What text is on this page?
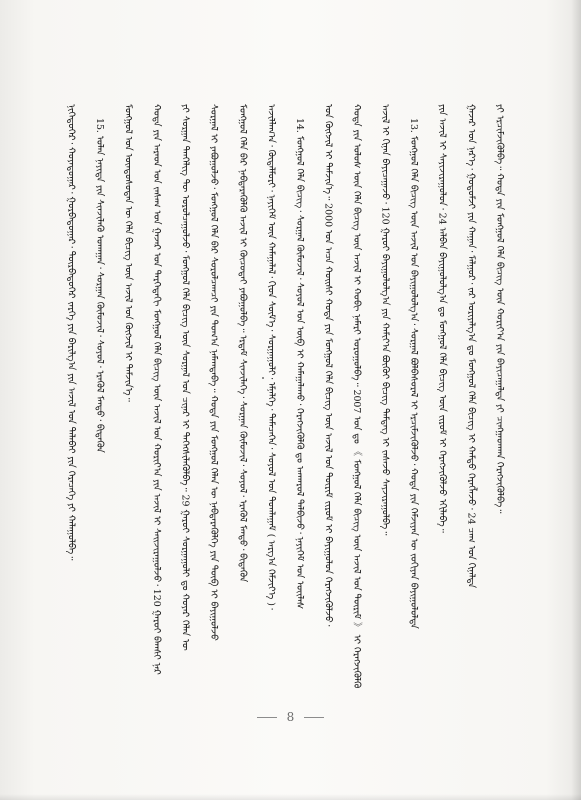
ᠨᠢᠭᠡᠳᠦᠭᠡᠷ᠂ ᠬᠣᠶᠠᠳᠤᠭᠠᠷ᠂ ᠭᠤᠷᠪᠠᠳᠤᠭᠠᠷ᠂ ᠳᠥᠷᠪᠡᠳᠦᠭᠡᠷ ᠵᠡᠷᠭᠡ ᠶᠢᠨ ᠪᠠᠷᠢᠯᠭ᠎ᠠ ᠶᠢᠨ ᠠᠵᠢᠯ ᠤᠨ ᠲᠠᠯᠠᠪᠠᠢ ᠶᠢᠨ ᠭᠡᠷᠡᠴᠡᠭᠡ ᠶᠢ ᠬᠠᠯᠠᠭᠤᠯᠪᠠ᠃ 15. ᠤᠯᠠᠨ ᠨᠡᠶᠢᠲᠡ ᠶᠢᠨ ᠰᠢᠨᠵᠢᠯᠡᠬᠦ ᠤᠬᠠᠭᠠᠨ᠂ ᠰᠤᠷᠭᠠᠨ ᠬᠥᠮᠦᠵᠢᠯ᠂ ᠰᠣᠶᠤᠯ᠂ ᠡᠷᠡᠭᠦᠯ ᠮᠡᠨᠳᠦ᠂ ᠪᠢᠳᠡᠭᠦᠨ ᠮᠣᠩᠭᠣᠯ ᠤᠨ ᠦᠨᠳᠦᠰᠦᠲᠡᠨ ᠦ ᠬᠡᠯᠡ ᠪᠢᠴᠢᠭ ᠦᠨ ᠠᠵᠢᠯ ᠤᠨ ᠬᠥᠭᠵᠢᠯ ᠢ ᠳᠡᠮᠵᠢᠨ᠎ᠡ᠃ ᠬᠣᠲᠠ ᠶᠢᠨ ᠠᠷᠠᠳ ᠤᠨ ᠵᠠᠰᠠᠭ ᠤᠨ ᠭᠠᠵᠠᠷ ᠤᠨ ᠳᠡᠷᠭᠡᠳᠡᠬᠢ ᠮᠣᠩᠭᠣᠯ ᠬᠡᠯᠡ ᠪᠢᠴᠢᠭ ᠦᠨ ᠠᠵᠢᠯ ᠤᠨ ᠬᠣᠷᠢᠶ᠎ᠠ ᠶᠢᠨ ᠠᠵᠢᠯ ᠢ ᠰᠠᠢᠵᠢᠷᠠᠭᠤᠯᠵᠤ᠂ 120 ᠭᠠᠷᠤᠢ ᠪᠠᠭᠰᠢ ᠨᠠᠷ ᠶᠢ ᠰᠤᠷᠭᠠᠨ ᠲᠡᠨᠭᠡᠯᠢᠭ ᠲᠦ ᠣᠷᠣᠯᠴᠠᠭᠤᠯᠵᠤ᠂ ᠮᠣᠩᠭᠣᠯ ᠬᠡᠯᠡ ᠪᠢᠴᠢᠭ ᠦᠨ ᠰᠤᠷᠭᠠᠯ ᠤᠨ ᠴᠢᠨᠠᠷ ᠢ ᠳᠡᠭᠡᠭᠰᠢᠯᠡᠭᠦᠯᠪᠡ᠃ 29 ᠭᠠᠷᠤᠢ ᠰᠤᠷᠭᠠᠭᠤᠯᠢ ᠳᠤ ᠬᠣᠶᠠᠷ ᠬᠡᠯᠡᠨ ᠦ ᠰᠤᠷᠭᠠᠯ ᠢ ᠶᠠᠪᠤᠭᠤᠯᠵᠤ᠂ ᠮᠣᠩᠭᠣᠯ ᠬᠡᠯᠡ ᠪᠡᠷ ᠰᠤᠷᠤᠯᠴᠠᠭᠴᠢ ᠶᠢᠨ ᠲᠣᠭ᠎ᠠ ᠨᠡᠮᠡᠭ᠍ᠳᠡᠪᠡ᠃ ᠬᠣᠲᠠ ᠶᠢᠨ ᠮᠣᠩᠭᠣᠯ ᠬᠡᠯᠡᠨ ᠦ ᠨᠡᠪᠲᠡᠷᠡᠭᠦᠯᠭᠡ ᠶᠢᠨ ᠲᠥᠪ ᠢ ᠪᠠᠶᠢᠭᠤᠯᠵᠤ ᠮᠣᠩᠭᠣᠯ ᠬᠡᠯᠡ ᠪᠡᠷ ᠨᠡᠪᠲᠡᠷᠡᠭᠦᠯᠬᠦ ᠠᠵᠢᠯ ᠢ ᠬᠦᠴᠦᠲᠡᠶ ᠶᠠᠪᠤᠭᠤᠯᠪᠠ᠃ ᠡᠷᠳᠡᠮ ᠰᠢᠨᠵᠢᠯᠡᠭᠡ᠂ ᠰᠤᠷᠭᠠᠨ ᠬᠥᠮᠦᠵᠢᠯ᠂ ᠰᠣᠶᠤᠯ᠂ ᠡᠷᠡᠭᠦᠯ ᠮᠡᠨᠳᠦ᠂ ᠪᠢᠳᠡᠭᠦᠨ ᠠᠵᠢᠯᠯᠠᠭ᠎ᠠ᠂ ᠬᠥᠳᠡᠯᠮᠦᠷᠢ᠂ ᠨᠡᠶᠢᠭᠡᠮ ᠦᠨ ᠬᠠᠮᠠᠭᠠᠯᠠᠯ᠂ ᠬᠢᠳ ᠰᠦᠮ᠎ᠡ᠂ ᠰᠤᠷᠭᠠᠭᠤᠯᠢ᠂ ᠡᠮᠨᠡᠯᠭᠡ᠂ ᠲᠡᠮᠡᠴᠡᠭᠡᠨ᠂ ᠰᠣᠶᠤᠯ ᠤᠨ ᠲᠣᠭᠯᠠᠭᠠᠮ ( ᠠᠷᠭ᠎ᠠ ᠬᠡᠮᠵᠢᠶ᠎ᠡ )᠂ 14. ᠮᠣᠩᠭᠣᠯ ᠬᠡᠯᠡ ᠪᠢᠴᠢᠭ᠂ ᠰᠤᠷᠭᠠᠯ ᠬᠥᠮᠦᠵᠢᠯ᠂ ᠰᠣᠶᠤᠯ ᠤᠨ ᠥᠪ ᠢ ᠬᠠᠮᠠᠭᠠᠯᠠᠬᠤ᠂ ᠬᠡᠷᠡᠭᠵᠢᠭᠦᠯᠬᠦ ᠳᠤ ᠠᠨᠬᠠᠷᠤᠯ ᠲᠠᠯᠪᠢᠵᠤ᠂ ᠨᠡᠶᠢᠭᠡᠮ ᠤᠨ ᠦᠢᠯᠡᠰ ᠤᠨ ᠬᠥᠭᠵᠢᠯ ᠢ ᠳᠡᠮᠵᠢᠨ᠎ᠡ᠃ 2000 ᠣᠨ ᠠᠴᠠ ᠬᠣᠢᠰᠢ ᠬᠣᠲᠠ ᠶᠢᠨ ᠮᠣᠩᠭᠣᠯ ᠬᠡᠯᠡ ᠪᠢᠴᠢᠭ ᠦᠨ ᠠᠵᠢᠯ ᠤᠨ ᠳᠦᠷᠢᠮ ᠵᠢᠷᠤᠮ ᠢ ᠪᠠᠶᠢᠭᠤᠯᠤᠨ ᠬᠡᠷᠡᠭᠵᠢᠭᠦᠯᠵᠦ᠂ ᠬᠣᠲᠠ ᠶᠢᠨ ᠤᠯᠤᠰ ᠦᠨ ᠬᠡᠯᠡ ᠪᠢᠴᠢᠭ ᠦᠨ ᠠᠵᠢᠯ ᠢ ᠬᠤᠪᠢ ᠨᠡᠮᠡᠷᠢ ᠣᠷᠣᠭᠤᠯᠪᠠ᠃ 2007 ᠣᠨ ᠳᠤ 《 ᠮᠣᠩᠭᠣᠯ ᠬᠡᠯᠡ ᠪᠢᠴᠢᠭ ᠦᠨ ᠠᠵᠢᠯ ᠤᠨ ᠳᠦᠷᠢᠮ 》 ᠢ ᠬᠡᠷᠡᠭᠵᠢᠭᠦᠯᠬᠦ ᠠᠵᠢᠯ ᠢ ᠬᠢᠨᠠᠨ ᠪᠠᠶᠢᠴᠠᠭᠠᠵᠤ᠂ 120 ᠭᠠᠷᠤᠢ ᠪᠠᠶᠢᠭᠤᠯᠤᠯᠭ᠎ᠠ ᠶᠢᠨ ᠬᠠᠮᠢᠶ᠎ᠠ ᠪᠦᠬᠦᠢ ᠪᠢᠴᠢᠭ ᠲᠡᠮᠳᠡᠭ ᠢ ᠵᠠᠰᠠᠵᠤ ᠰᠠᠶᠵᠢᠷᠠᠭᠤᠯᠪᠠ᠃ 13. ᠮᠣᠩᠭᠣᠯ ᠬᠡᠯᠡ ᠪᠢᠴᠢᠭ ᠦᠨ ᠠᠵᠢᠯ ᠤᠨ ᠪᠠᠶᠢᠭᠤᠯᠤᠯᠭ᠎ᠠ᠂ ᠰᠤᠷᠭᠠᠯ ᠪᠣᠯᠪᠠᠰᠤᠷᠠᠯ ᠢ ᠡᠷᠴᠢᠮᠵᠢᠭᠦᠯᠵᠦ᠂ ᠬᠣᠲᠠ ᠶᠢᠨ ᠬᠡᠮᠵᠢᠶᠡᠨ ᠦ ᠵᠣᠬᠢᠶᠠᠨ ᠪᠠᠶᠢᠭᠤᠯᠤᠯᠲᠠ ᠶᠢᠨ ᠠᠵᠢᠯ ᠢ ᠰᠠᠶᠢᠵᠢᠷᠠᠭᠤᠯᠤᠨ᠂ 24 ᠠᠯᠪᠠᠨ ᠪᠠᠶᠢᠭᠤᠯᠤᠯᠭ᠎ᠠ ᠳᠤ ᠮᠣᠩᠭᠣᠯ ᠬᠡᠯᠡ ᠪᠢᠴᠢᠭ ᠦᠨ ᠵᠢᠷᠤᠮ ᠢ ᠬᠡᠷᠡᠭᠵᠢᠭᠦᠯᠵᠦ ᠡᠬᠢᠯᠡᠪᠡ᠃ ᠭᠠᠵᠠᠷ ᠤᠨ ᠨᠡᠷ᠎ᠡ᠂ ᠭᠤᠳᠤᠮᠵᠢ ᠶᠢᠨ ᠬᠠᠭᠠᠨ᠂ ᠮᠠᠯᠭᠤᠷ᠂ ᠵᠠᠷ ᠤᠷᠢᠶᠠᠯᠭ᠎ᠠ ᠳᠤ ᠮᠣᠩᠭᠣᠯ ᠬᠡᠯᠡ ᠪᠢᠴᠢᠭ ᠢ ᠬᠠᠮᠲᠤ ᠬᠡᠷᠡᠭᠯᠡᠵᠦ᠂ 24 ᠴᠠᠭ ᠤᠨ ᠬᠢᠨᠠᠯᠲᠠ ᠶᠢ ᠡᠷᠴᠢᠮᠵᠢᠭᠦᠯᠪᠡ᠃ ᠬᠣᠲᠠ ᠶᠢᠨ ᠮᠣᠩᠭᠣᠯ ᠬᠡᠯᠡ ᠪᠢᠴᠢᠭ ᠦᠨ ᠬᠣᠷᠢᠶ᠎ᠠ ᠶᠢᠨ ᠪᠠᠶᠢᠴᠠᠭᠠᠯᠲᠠ ᠶᠢ ᠴᠢᠩᠭᠠᠳᠬᠠᠨ ᠬᠡᠷᠡᠭᠵᠢᠭᠦᠯᠪᠡ᠃
8
